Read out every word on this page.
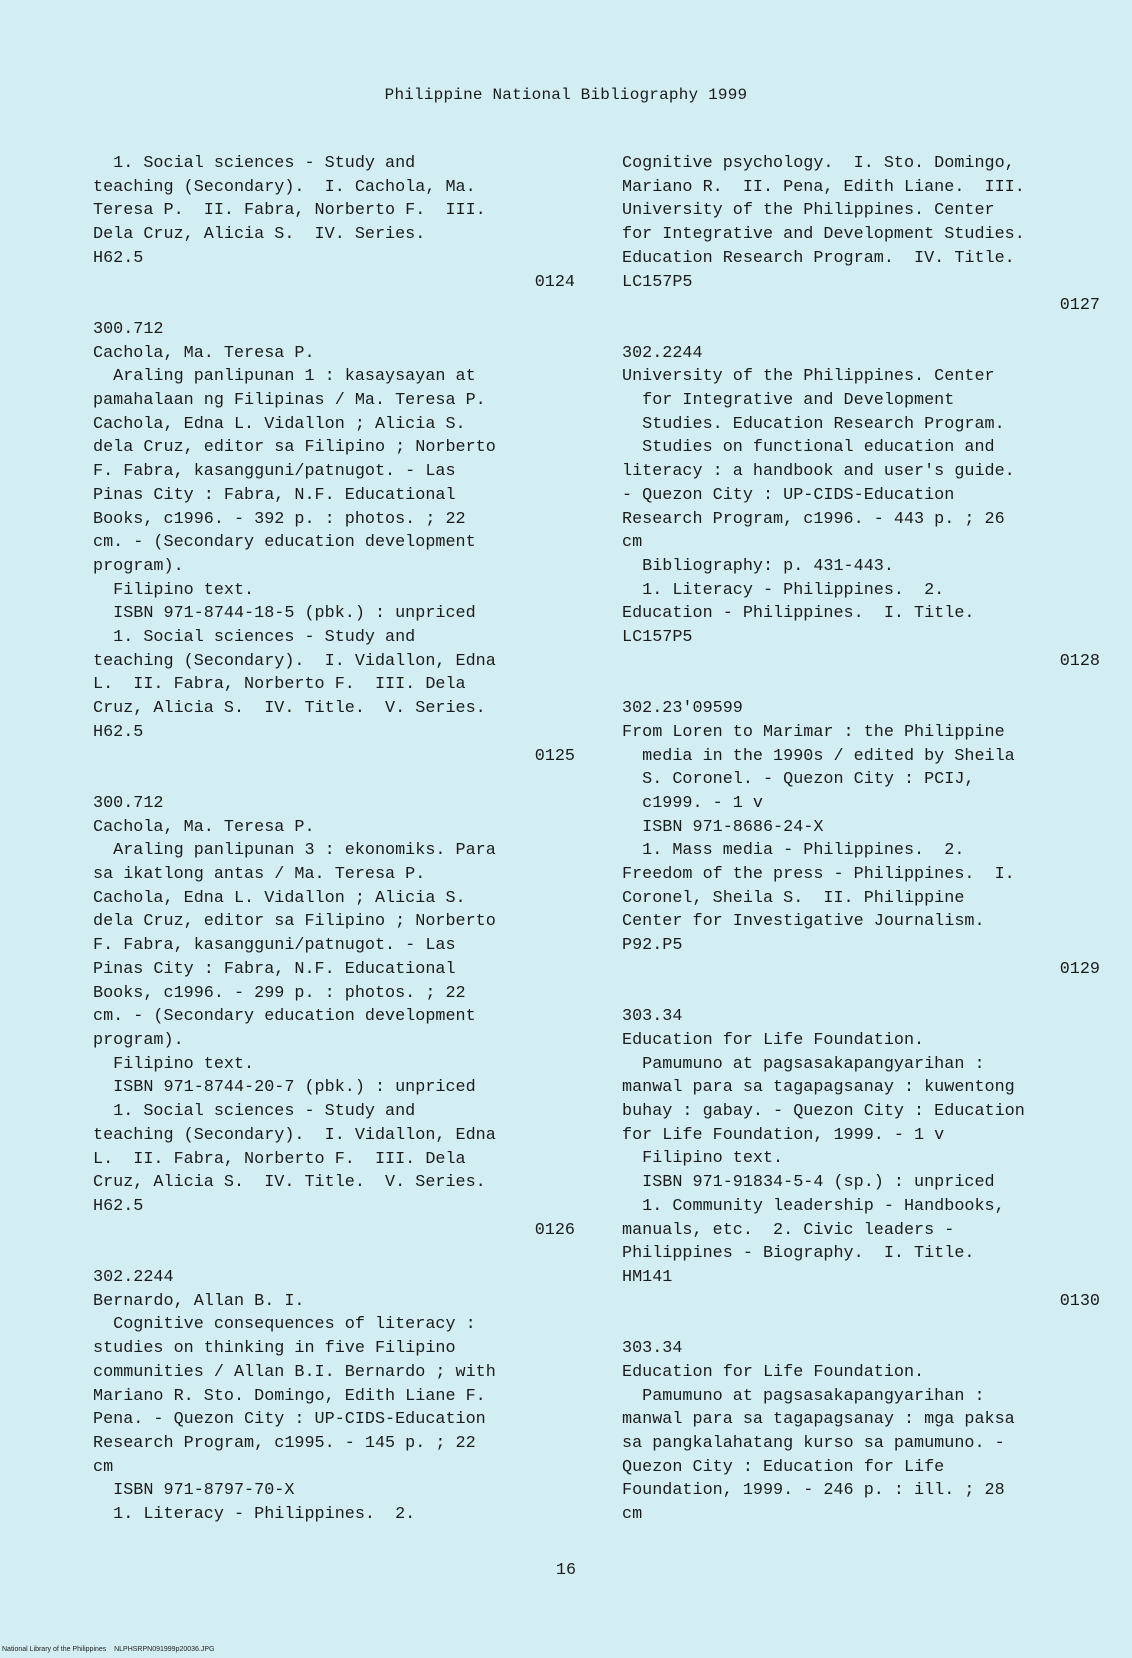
Philippine National Bibliography 1999

1. Social sciences - Study and
teaching (Secondary).  I. Cachola, Ma.
Teresa P.  II. Fabra, Norberto F.  III.
Dela Cruz, Alicia S.  IV. Series.
H62.5

0124

300.712

Cachola, Ma. Teresa P.

Araling panlipunan 1 : kasaysayan at
pamahalaan ng Filipinas / Ma. Teresa P.
Cachola, Edna L. Vidallon ; Alicia S.
dela Cruz, editor sa Filipino ; Norberto
F. Fabra, kasangguni/patnugot. - Las
Pinas City : Fabra, N.F. Educational
Books, c1996. - 392 p. : photos. ; 22
cm. - (Secondary education development
program).

Filipino text.

ISBN 971-8744-18-5 (pbk.) : unpriced

1. Social sciences - Study and
teaching (Secondary).  I. Vidallon, Edna
L.  II. Fabra, Norberto F.  III. Dela
Cruz, Alicia S.  IV. Title.  V. Series.
H62.5

0125

300.712

Cachola, Ma. Teresa P.

Araling panlipunan 3 : ekonomiks. Para
sa ikatlong antas / Ma. Teresa P.
Cachola, Edna L. Vidallon ; Alicia S.
dela Cruz, editor sa Filipino ; Norberto
F. Fabra, kasangguni/patnugot. - Las
Pinas City : Fabra, N.F. Educational
Books, c1996. - 299 p. : photos. ; 22
cm. - (Secondary education development
program).

Filipino text.

ISBN 971-8744-20-7 (pbk.) : unpriced

1. Social sciences - Study and
teaching (Secondary).  I. Vidallon, Edna
L.  II. Fabra, Norberto F.  III. Dela
Cruz, Alicia S.  IV. Title.  V. Series.
H62.5

0126

302.2244

Bernardo, Allan B. I.

Cognitive consequences of literacy :
studies on thinking in five Filipino
communities / Allan B.I. Bernardo ; with
Mariano R. Sto. Domingo, Edith Liane F.
Pena. - Quezon City : UP-CIDS-Education
Research Program, c1995. - 145 p. ; 22
cm

ISBN 971-8797-70-X

1. Literacy - Philippines.  2.

Cognitive psychology.  I. Sto. Domingo,
Mariano R.  II. Pena, Edith Liane.  III.
University of the Philippines. Center
for Integrative and Development Studies.
Education Research Program.  IV. Title.
LC157P5

0127

302.2244

University of the Philippines. Center
for Integrative and Development
Studies. Education Research Program.

Studies on functional education and
literacy : a handbook and user's guide.
- Quezon City : UP-CIDS-Education
Research Program, c1996. - 443 p. ; 26
cm

Bibliography: p. 431-443.

1. Literacy - Philippines.  2.
Education - Philippines.  I. Title.
LC157P5

0128

302.23'09599

From Loren to Marimar : the Philippine
media in the 1990s / edited by Sheila
S. Coronel. - Quezon City : PCIJ,
c1999. - 1 v

ISBN 971-8686-24-X

1. Mass media - Philippines.  2.
Freedom of the press - Philippines.  I.
Coronel, Sheila S.  II. Philippine
Center for Investigative Journalism.
P92.P5

0129

303.34

Education for Life Foundation.

Pamumuno at pagsasakapangyarihan :
manwal para sa tagapagsanay : kuwentong
buhay : gabay. - Quezon City : Education
for Life Foundation, 1999. - 1 v

Filipino text.

ISBN 971-91834-5-4 (sp.) : unpriced

1. Community leadership - Handbooks,
manuals, etc.  2. Civic leaders -
Philippines - Biography.  I. Title.
HM141

0130

303.34

Education for Life Foundation.

Pamumuno at pagsasakapangyarihan :
manwal para sa tagapagsanay : mga paksa
sa pangkalahatang kurso sa pamumuno. -
Quezon City : Education for Life
Foundation, 1999. - 246 p. : ill. ; 28
cm

16
National Library of the Philippines NLPHSRPN091999p20036.JPG
